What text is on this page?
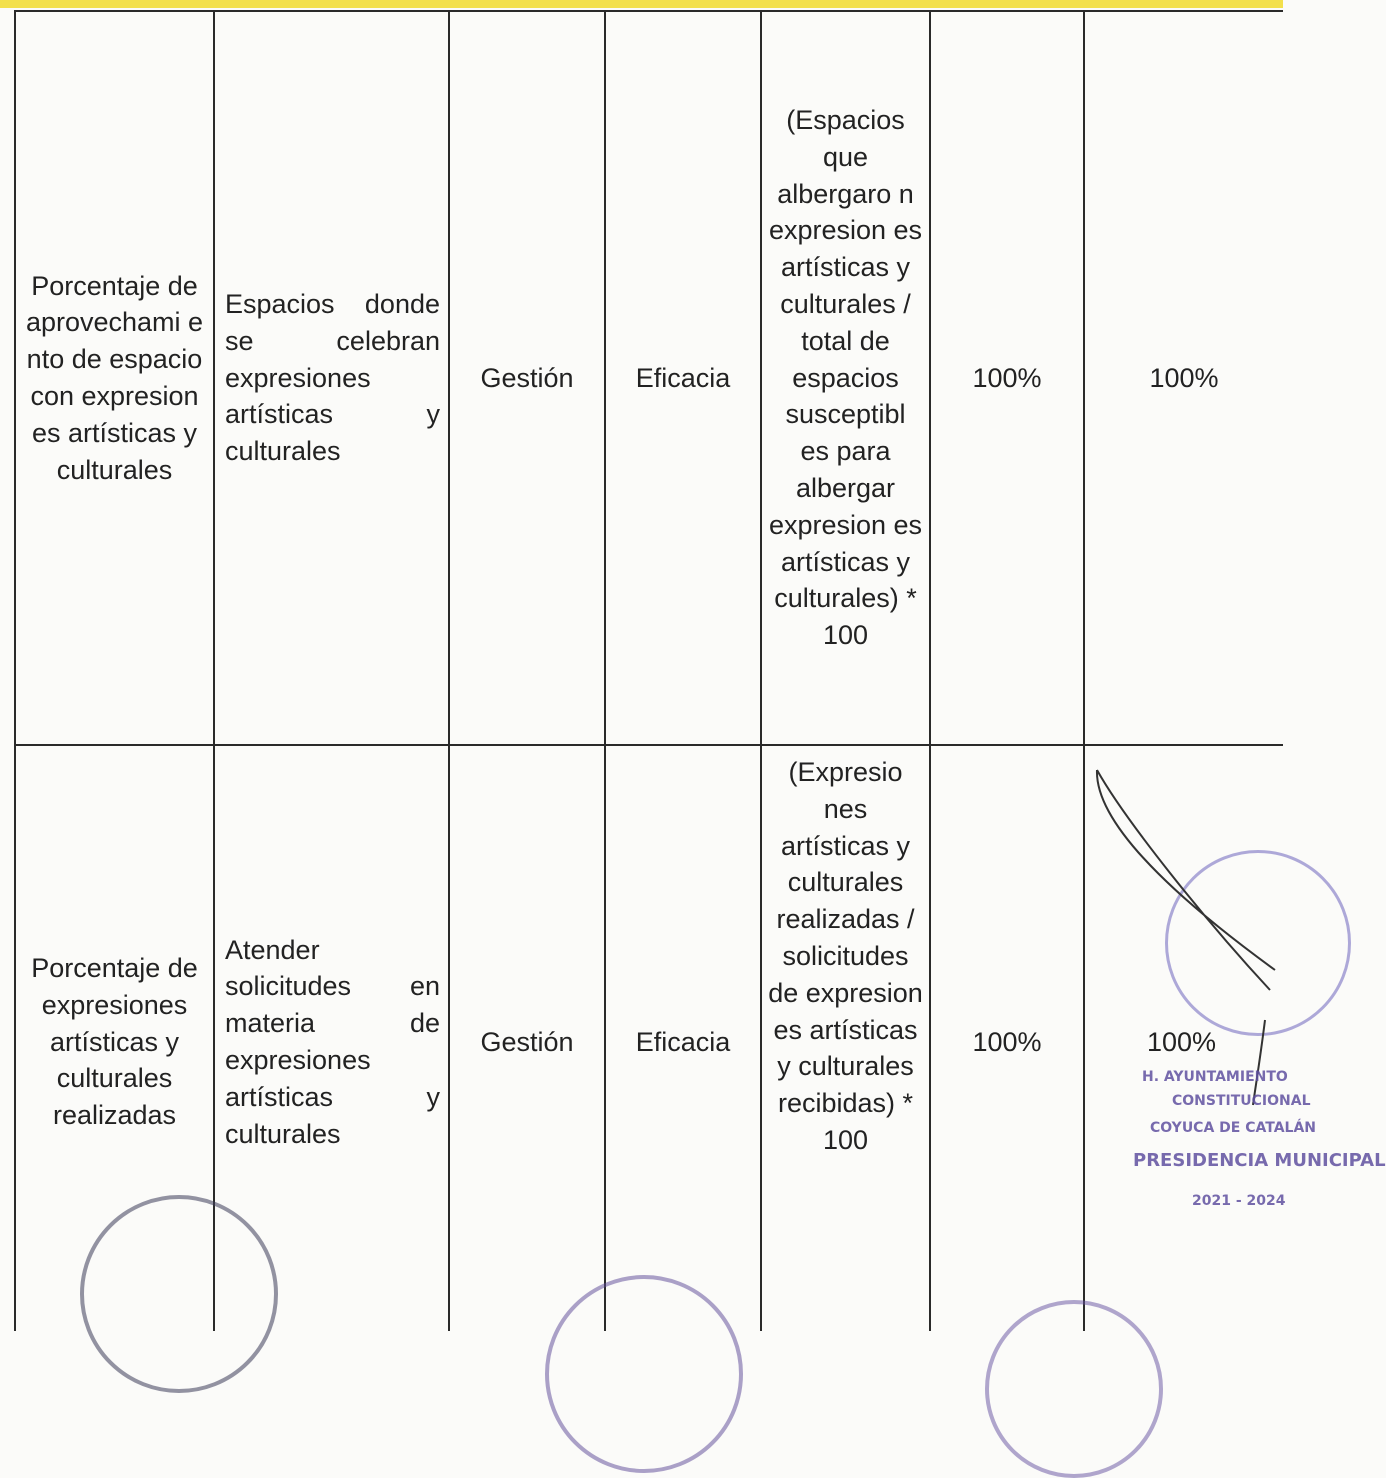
Porcentaje de aprovechami ento de espacio con expresiones artísticas y culturales
Espacios donde se celebran expresiones artísticas y culturales
Gestión Eficacia
(Espacios que albergaro n expresion es artísticas y culturales / total de espacios susceptibl es para albergar expresion es artísticas y culturales) * 100
100%	100%
Porcentaje de expresiones artísticas y culturales realizadas
Atender solicitudes en materia de expresiones artísticas y culturales
Gestión Eficacia
(Expresio nes artísticas y culturales realizadas / solicitudes de expresion es artísticas y culturales recibidas) * 100
100%	100%
H. AYUNTAMIENTO
CONSTITUCIONAL
COYUCA DE CATALÁN
PRESIDENCIA MUNICIPAL
2021 - 2024
